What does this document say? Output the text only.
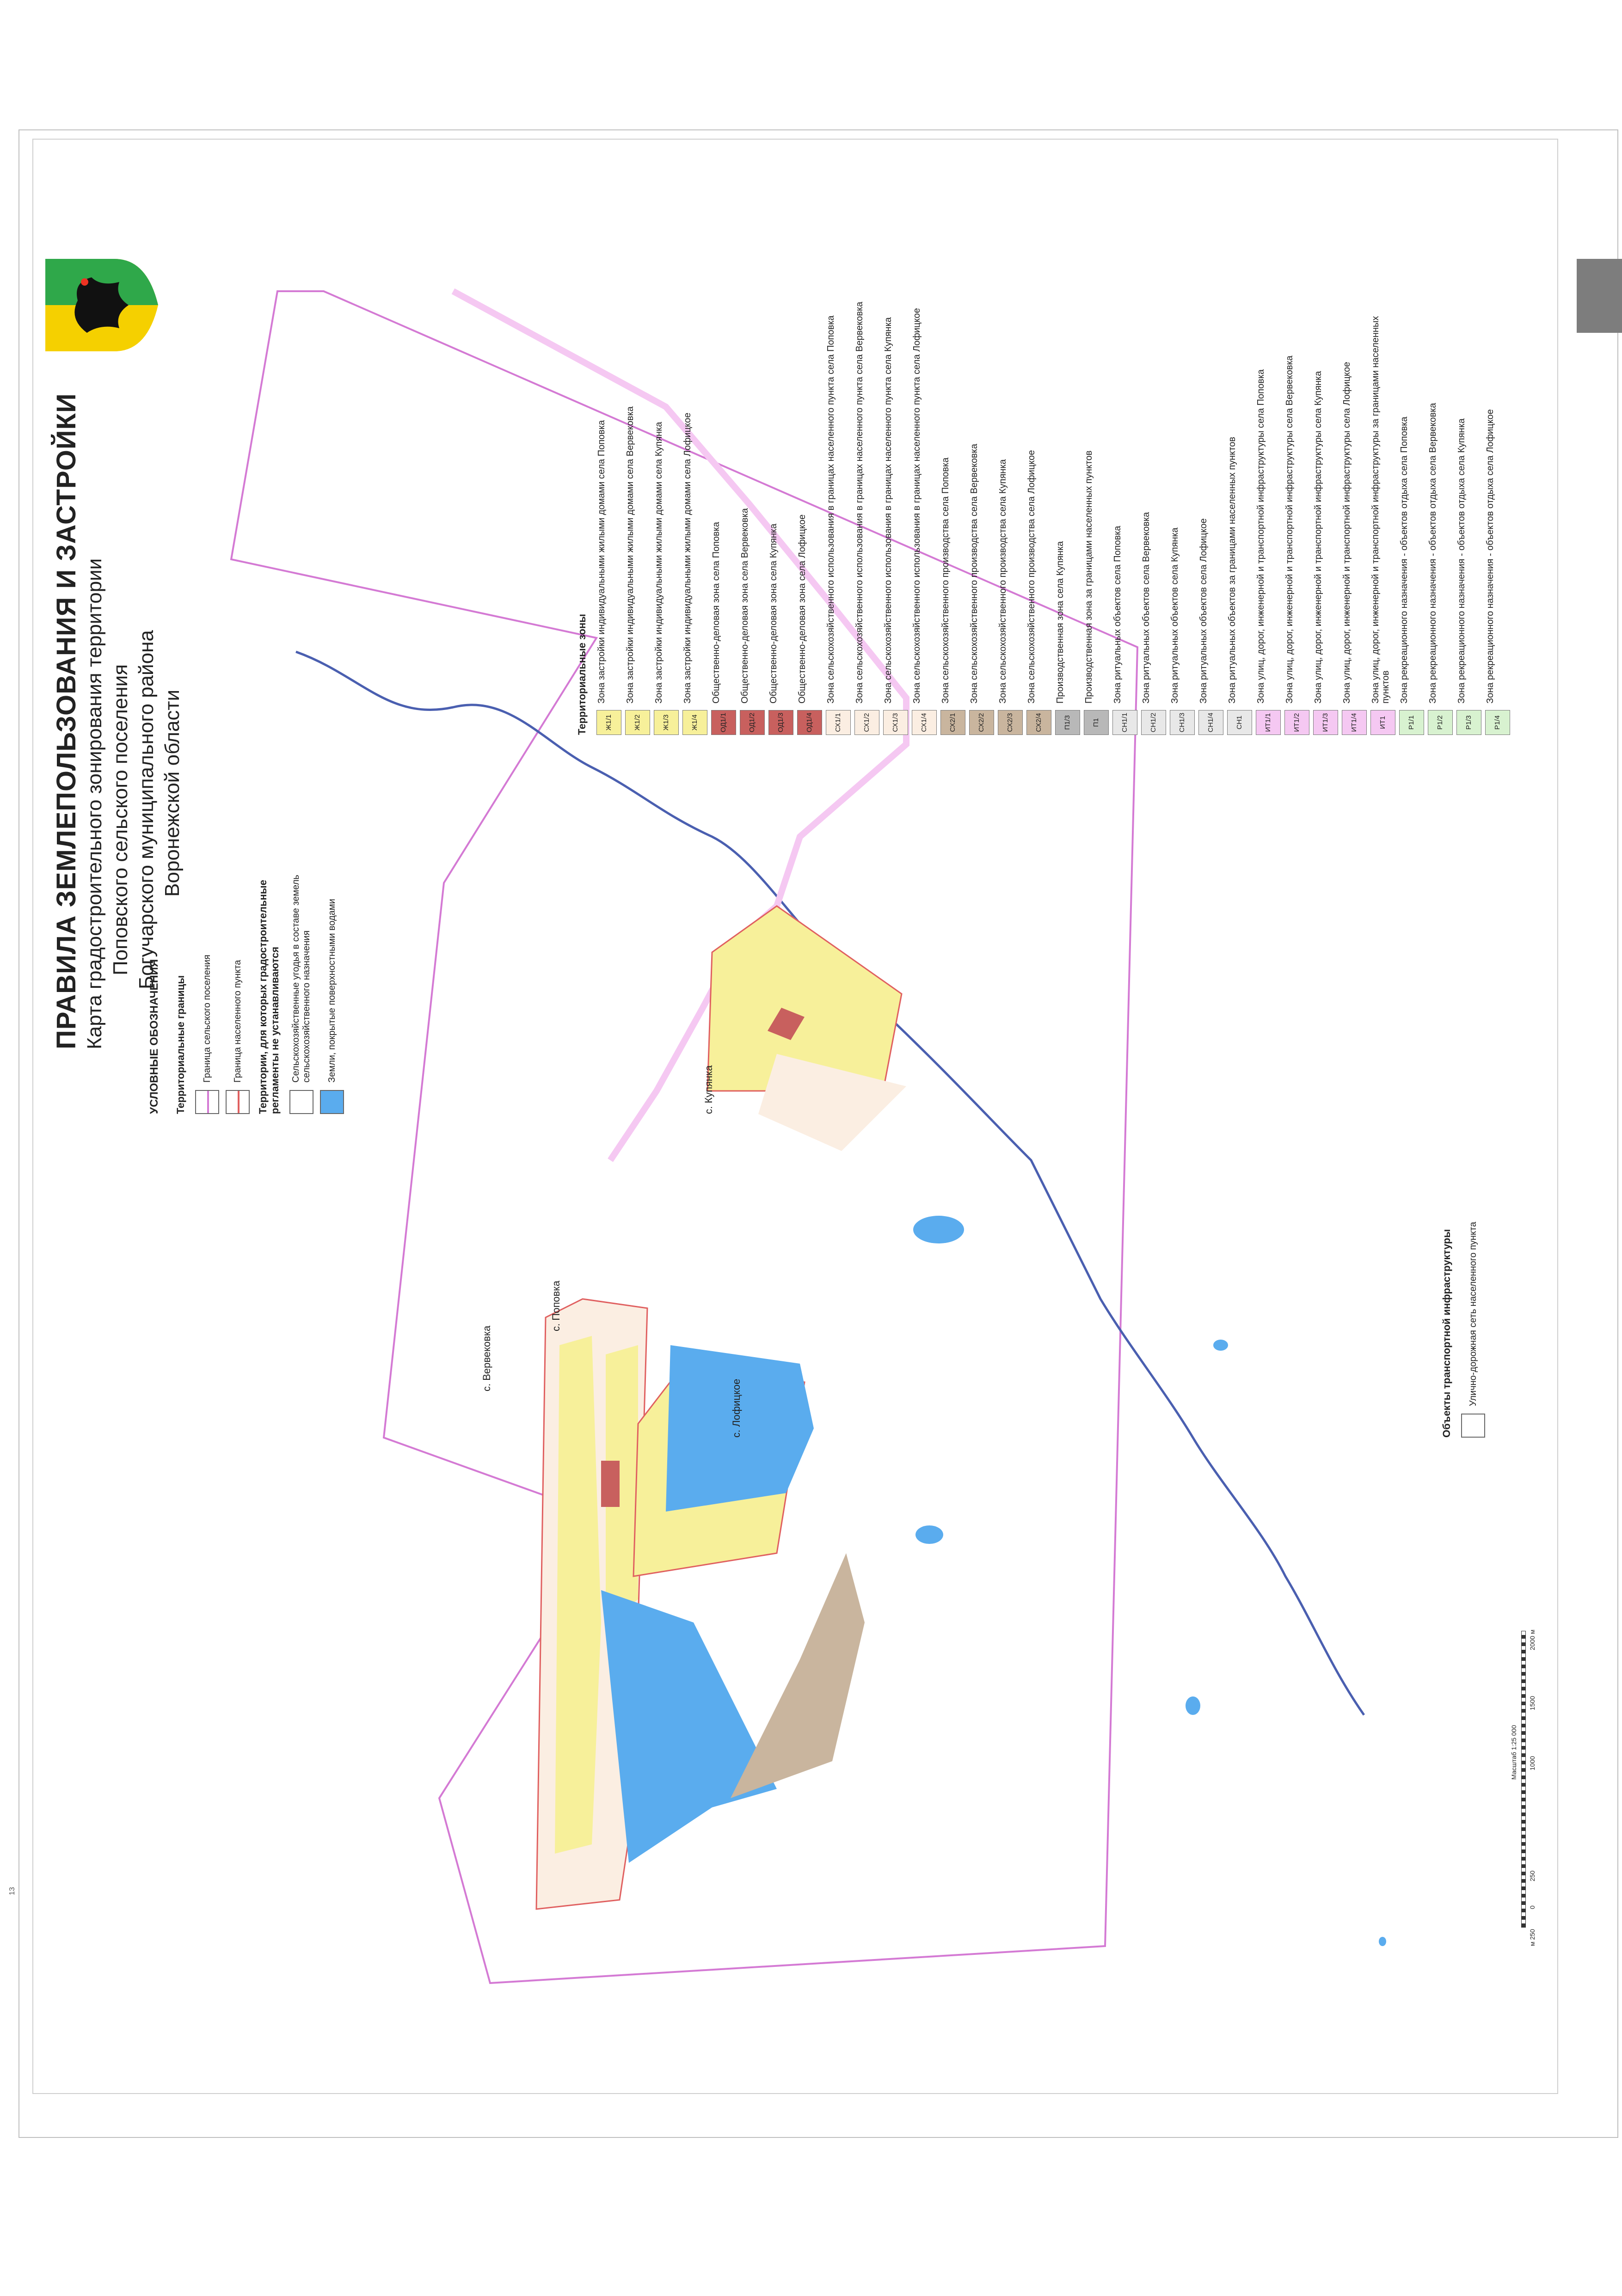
13
ПРАВИЛА ЗЕМЛЕПОЛЬЗОВАНИЯ И ЗАСТРОЙКИ Карта градостроительного зонирования территории Поповского сельского поселения Богучарского муниципального района Воронежской области
с. Купянка
с. Поповка
с. Вервековка
с. Лофицкое
УСЛОВНЫЕ ОБОЗНАЧЕНИЯ Территориальные границы Граница сельского поселения Граница населенного пункта Территории, для которых градостроительные регламенты не устанавливаются Сельскохозяйственные угодья в составе земель сельскохозяйственного назначения Земли, покрытые поверхностными водами
Объекты транспортной инфраструктуры Улично-дорожная сеть населенного пункта
Территориальные зоны	Ж1/1
Зона застройки индивидуальными жилыми домами села Поповка
Ж1/2
Зона застройки индивидуальными жилыми домами села Вервековка
Ж1/3
Зона застройки индивидуальными жилыми домами села Купянка
Ж1/4
Зона застройки индивидуальными жилыми домами села Лофицкое
ОД1/1
Общественно-деловая зона села Поповка
ОД1/2
Общественно-деловая зона села Вервековка
ОД1/3
Общественно-деловая зона села Купянка
ОД1/4
Общественно-деловая зона села Лофицкое
СХ1/1
Зона сельскохозяйственного использования в границах населенного пункта села Поповка
СХ1/2
Зона сельскохозяйственного использования в границах населенного пункта села Вервековка
СХ1/3
Зона сельскохозяйственного использования в границах населенного пункта села Купянка
СХ1/4
Зона сельскохозяйственного использования в границах населенного пункта села Лофицкое
СХ2/1
Зона сельскохозяйственного производства села Поповка
СХ2/2
Зона сельскохозяйственного производства села Вервековка
СХ2/3
Зона сельскохозяйственного производства села Купянка
СХ2/4
Зона сельскохозяйственного производства села Лофицкое
П1/3
Производственная зона села Купянка
П1
Производственная зона за границами населенных пунктов
СН1/1
Зона ритуальных объектов села Поповка
СН1/2
Зона ритуальных объектов села Вервековка
СН1/3
Зона ритуальных объектов села Купянка
СН1/4
Зона ритуальных объектов села Лофицкое
СН1
Зона ритуальных объектов за границами населенных пунктов
ИТ1/1
Зона улиц, дорог, инженерной и транспортной инфраструктуры села Поповка
ИТ1/2
Зона улиц, дорог, инженерной и транспортной инфраструктуры села Вервековка
ИТ1/3
Зона улиц, дорог, инженерной и транспортной инфраструктуры села Купянка
ИТ1/4
Зона улиц, дорог, инженерной и транспортной инфраструктуры села Лофицкое
ИТ1
Зона улиц, дорог, инженерной и транспортной инфраструктуры за границами населенных пунктов
Р1/1
Зона рекреационного назначения - объектов отдыха села Поповка
Р1/2
Зона рекреационного назначения - объектов отдыха села Вервековка
Р1/3
Зона рекреационного назначения - объектов отдыха села Купянка
Р1/4
Зона рекреационного назначения - объектов отдыха села Лофицкое
м 250
0
250
1000
1500
2000 м
Масштаб 1:25 000
